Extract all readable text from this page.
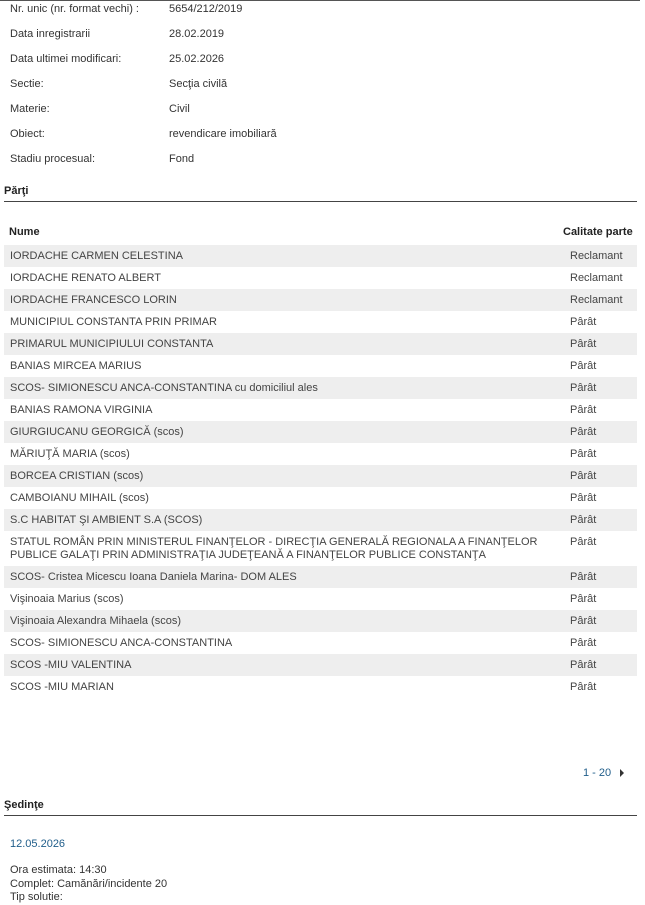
Nr. unic (nr. format vechi) :	5654/212/2019
Data inregistrarii	28.02.2019
Data ultimei modificari:	25.02.2026
Sectie:	Secţia civilă
Materie:	Civil
Obiect:	revendicare imobiliară
Stadiu procesual:	Fond
Părţi
Nume	Calitate parte
IORDACHE CARMEN CELESTINA	Reclamant
IORDACHE RENATO ALBERT	Reclamant
IORDACHE FRANCESCO LORIN	Reclamant
MUNICIPIUL CONSTANTA PRIN PRIMAR	Pârât
PRIMARUL MUNICIPIULUI CONSTANTA	Pârât
BANIAS MIRCEA MARIUS	Pârât
SCOS- SIMIONESCU ANCA-CONSTANTINA cu domiciliul ales	Pârât
BANIAS RAMONA VIRGINIA	Pârât
GIURGIUCANU GEORGICĂ (scos)	Pârât
MĂRIUŢĂ MARIA (scos)	Pârât
BORCEA CRISTIAN (scos)	Pârât
CAMBOIANU MIHAIL (scos)	Pârât
S.C HABITAT ŞI AMBIENT S.A (SCOS)	Pârât
STATUL ROMÂN PRIN MINISTERUL FINANŢELOR - DIRECŢIA GENERALĂ REGIONALA A FINANŢELOR PUBLICE GALAŢI PRIN ADMINISTRAŢIA JUDEŢEANĂ A FINANŢELOR PUBLICE CONSTANŢA	Pârât
SCOS- Cristea Micescu Ioana Daniela Marina- DOM ALES	Pârât
Vişinoaia Marius (scos)	Pârât
Vişinoaia Alexandra Mihaela (scos)	Pârât
SCOS- SIMIONESCU ANCA-CONSTANTINA	Pârât
SCOS -MIU VALENTINA	Pârât
SCOS -MIU MARIAN	Pârât
1 - 20
Şedinţe
12.05.2026
Ora estimata: 14:30
Complet: Camănări/incidente 20
Tip solutie:
